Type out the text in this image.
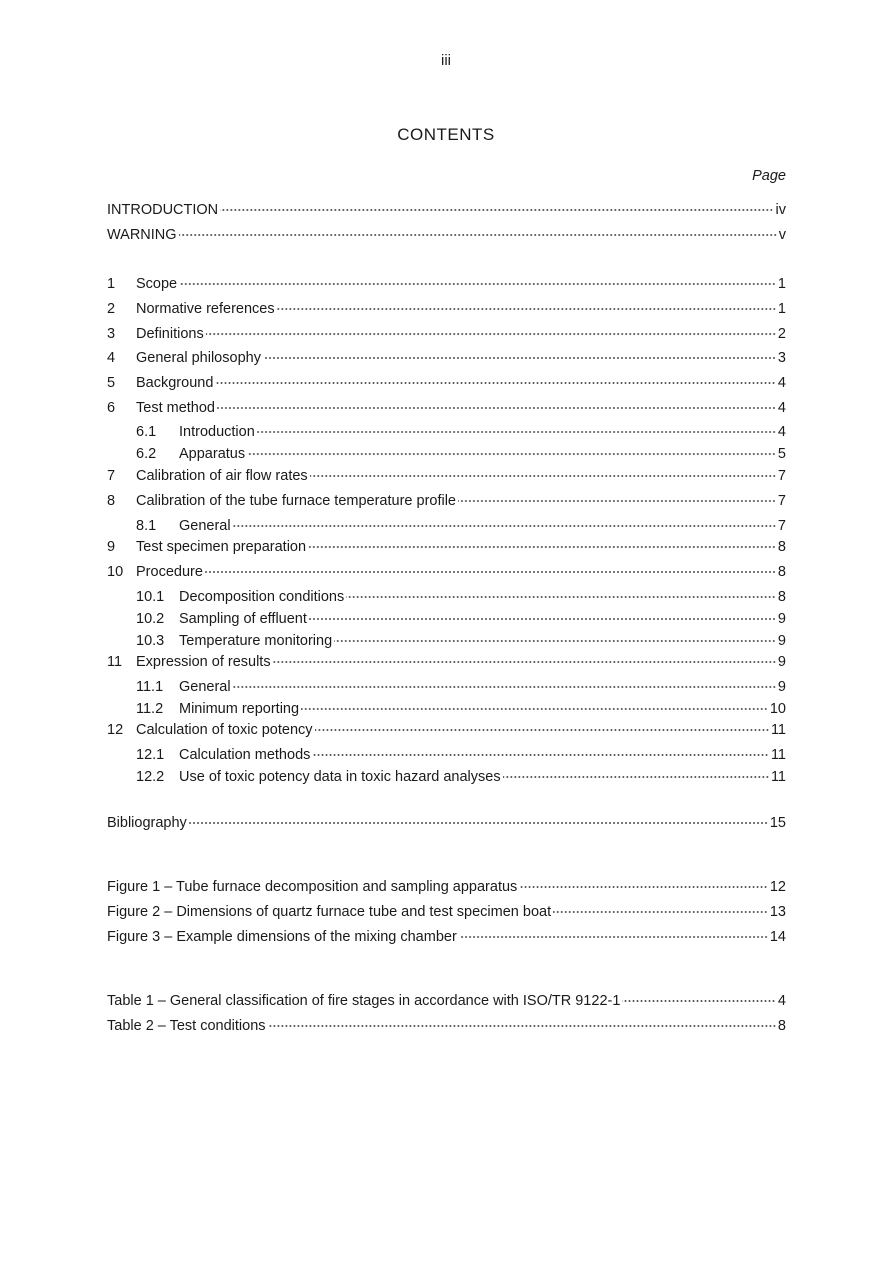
iii
CONTENTS
Page
INTRODUCTION	iv
WARNING	v
1	Scope	1
2	Normative references	1
3	Definitions	2
4	General philosophy	3
5	Background	4
6	Test method	4
6.1	Introduction	4
6.2	Apparatus	5
7	Calibration of air flow rates	7
8	Calibration of the tube furnace temperature profile	7
8.1	General	7
9	Test specimen preparation	8
10 Procedure	8
10.1	Decomposition conditions	8
10.2	Sampling of effluent	9
10.3	Temperature monitoring	9
11 Expression of results	9
11.1	General	9
11.2	Minimum reporting	10
12 Calculation of toxic potency	11
12.1	Calculation methods	11
12.2	Use of toxic potency data in toxic hazard analyses	11
Bibliography	15
Figure 1 – Tube furnace decomposition and sampling apparatus	12
Figure 2 – Dimensions of quartz furnace tube and test specimen boat	13
Figure 3 – Example dimensions of the mixing chamber	14
Table 1 – General classification of fire stages in accordance with ISO/TR 9122-1	4
Table 2 – Test conditions	8
